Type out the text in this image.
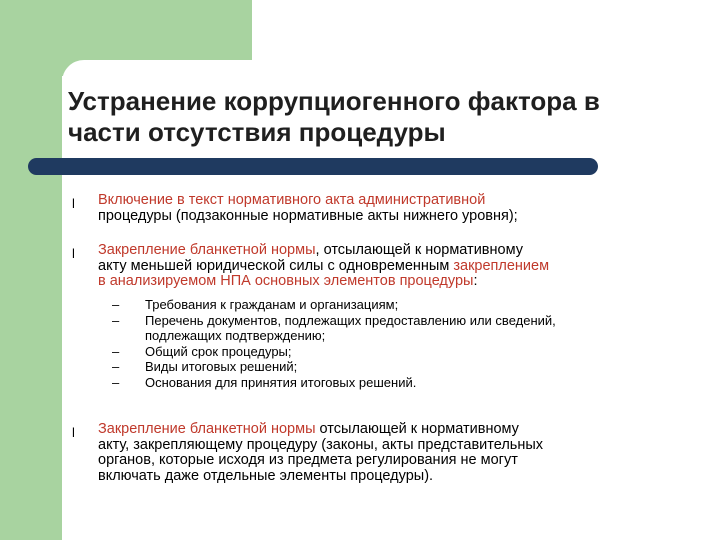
Устранение коррупциогенного фактора в
части отсутствия процедуры
l Включение в текст нормативного акта административной
процедуры (подзаконные нормативные акты нижнего уровня);

l Закрепление бланкетной нормы, отсылающей к нормативному
акту меньшей юридической силы с одновременным закреплением
в анализируемом НПА основных элементов процедуры:

– Требования к гражданам и организациям;
– Перечень документов, подлежащих предоставлению или сведений,
подлежащих подтверждению;
– Общий срок процедуры;
– Виды итоговых решений;
– Основания для принятия итоговых решений.
l Закрепление бланкетной нормы отсылающей к нормативному
акту, закрепляющему процедуру (законы, акты представительных
органов, которые исходя из предмета регулирования не могут
включать даже отдельные элементы процедуры).
